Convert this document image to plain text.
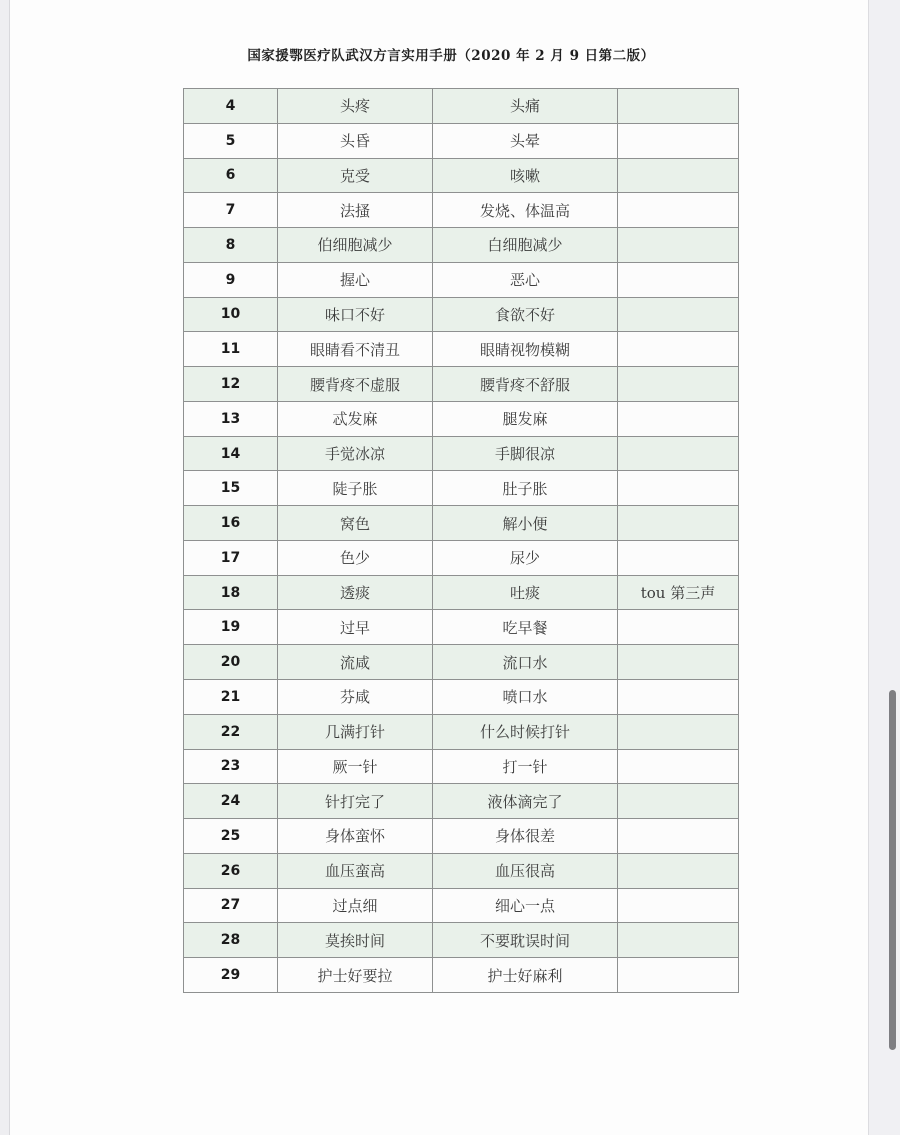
国家援鄂医疗队武汉方言实用手册（2020 年 2 月 9 日第二版）
4	头疼	头痛	
5	头昏	头晕	
6	克受	咳嗽	
7	法搔	发烧、体温高	
8	伯细胞减少	白细胞减少	
9	握心	恶心	
10	味口不好	食欲不好	
11	眼睛看不清丑	眼睛视物模糊	
12	腰背疼不虚服	腰背疼不舒服	
13	忒发麻	腿发麻	
14	手觉冰凉	手脚很凉	
15	陡子胀	肚子胀	
16	窝色	解小便	
17	色少	尿少	
18	透痰	吐痰	tou 第三声
19	过早	吃早餐	
20	流咸	流口水	
21	芬咸	喷口水	
22	几满打针	什么时候打针	
23	厥一针	打一针	
24	针打完了	液体滴完了	
25	身体蛮怀	身体很差	
26	血压蛮高	血压很高	
27	过点细	细心一点	
28	莫挨时间	不要耽误时间	
29	护士好要拉	护士好麻利	
